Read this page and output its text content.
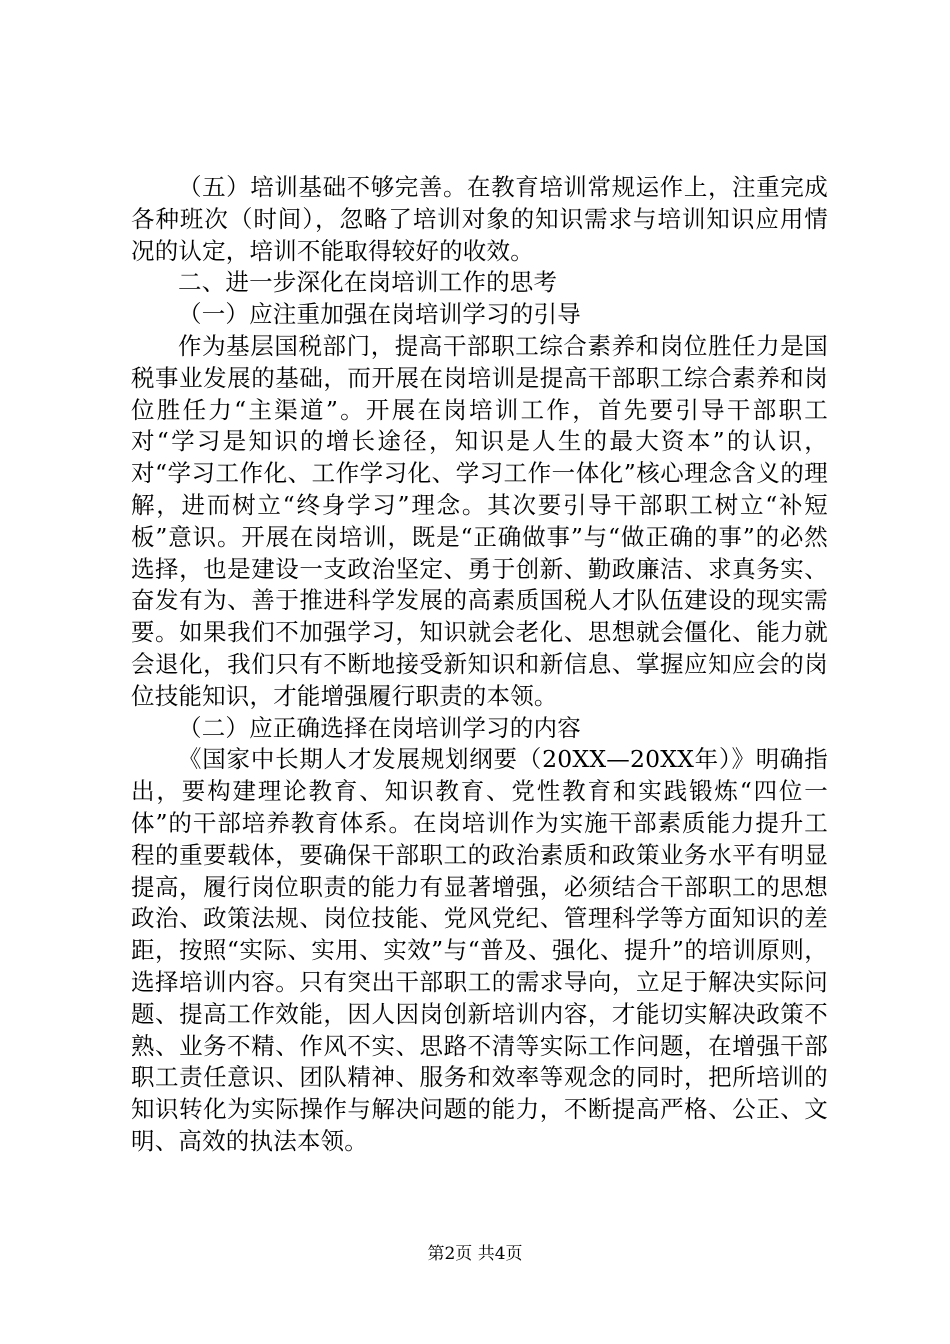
（五）培训基础不够完善。在教育培训常规运作上，注重完成各种班次（时间），忽略了培训对象的知识需求与培训知识应用情况的认定，培训不能取得较好的收效。

二、进一步深化在岗培训工作的思考

（一）应注重加强在岗培训学习的引导

作为基层国税部门，提高干部职工综合素养和岗位胜任力是国税事业发展的基础，而开展在岗培训是提高干部职工综合素养和岗位胜任力“主渠道”。开展在岗培训工作，首先要引导干部职工对“学习是知识的增长途径，知识是人生的最大资本”的认识，对“学习工作化、工作学习化、学习工作一体化”核心理念含义的理解，进而树立“终身学习”理念。其次要引导干部职工树立“补短板”意识。开展在岗培训，既是“正确做事”与“做正确的事”的必然选择，也是建设一支政治坚定、勇于创新、勤政廉洁、求真务实、奋发有为、善于推进科学发展的高素质国税人才队伍建设的现实需要。如果我们不加强学习，知识就会老化、思想就会僵化、能力就会退化，我们只有不断地接受新知识和新信息、掌握应知应会的岗位技能知识，才能增强履行职责的本领。

（二）应正确选择在岗培训学习的内容

《国家中长期人才发展规划纲要（20XX—20XX年）》明确指出，要构建理论教育、知识教育、党性教育和实践锻炼“四位一体”的干部培养教育体系。在岗培训作为实施干部素质能力提升工程的重要载体，要确保干部职工的政治素质和政策业务水平有明显提高，履行岗位职责的能力有显著增强，必须结合干部职工的思想政治、政策法规、岗位技能、党风党纪、管理科学等方面知识的差距，按照“实际、实用、实效”与“普及、强化、提升”的培训原则，选择培训内容。只有突出干部职工的需求导向，立足于解决实际问题、提高工作效能，因人因岗创新培训内容，才能切实解决政策不熟、业务不精、作风不实、思路不清等实际工作问题，在增强干部职工责任意识、团队精神、服务和效率等观念的同时，把所培训的知识转化为实际操作与解决问题的能力，不断提高严格、公正、文明、高效的执法本领。

第2页 共4页
